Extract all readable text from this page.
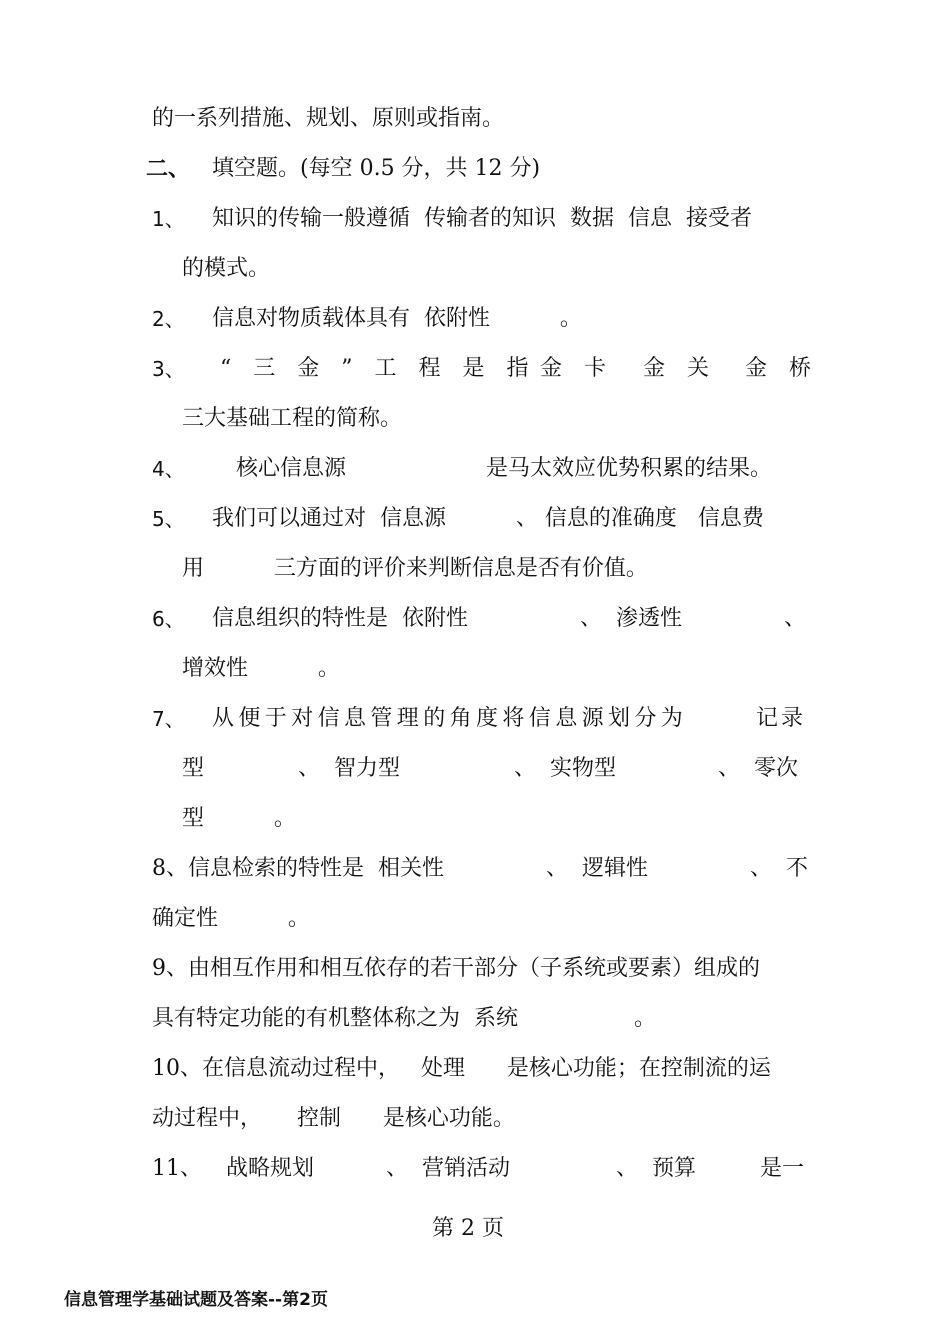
的一系列措施、规划、原则或指南。
二、 填空题。(每空 0.5 分，共 12 分)
1、 知识的传输一般遵循  传输者的知识  数据  信息  接受者
的模式。
2、 信息对物质载体具有  依附性          。
3、 “三金”工程是指
金卡 金关 金桥
三大基础工程的简称。
4、 核心信息源	是马太效应优势积累的结果。
5、 我们可以通过对  信息源          、 信息的准确度   信息费
用          三方面的评价来判断信息是否有价值。
6、 信息组织的特性是  依附性	、  渗透性	、
增效性          。
7、 从便于对信息管理的角度将信息源划分为	记录
型	、  智力型	、  实物型	、  零次
型          。
8、信息检索的特性是  相关性	、  逻辑性	、  不
确定性          。
9、由相互作用和相互依存的若干部分（子系统或要素）组成的
具有特定功能的有机整体称之为  系统	。
10、在信息流动过程中，   处理      是核心功能；在控制流的运
动过程中，     控制      是核心功能。
11、 战略规划	、  营销活动	、  预算	是一
第 2 页
信息管理学基础试题及答案--第2页
